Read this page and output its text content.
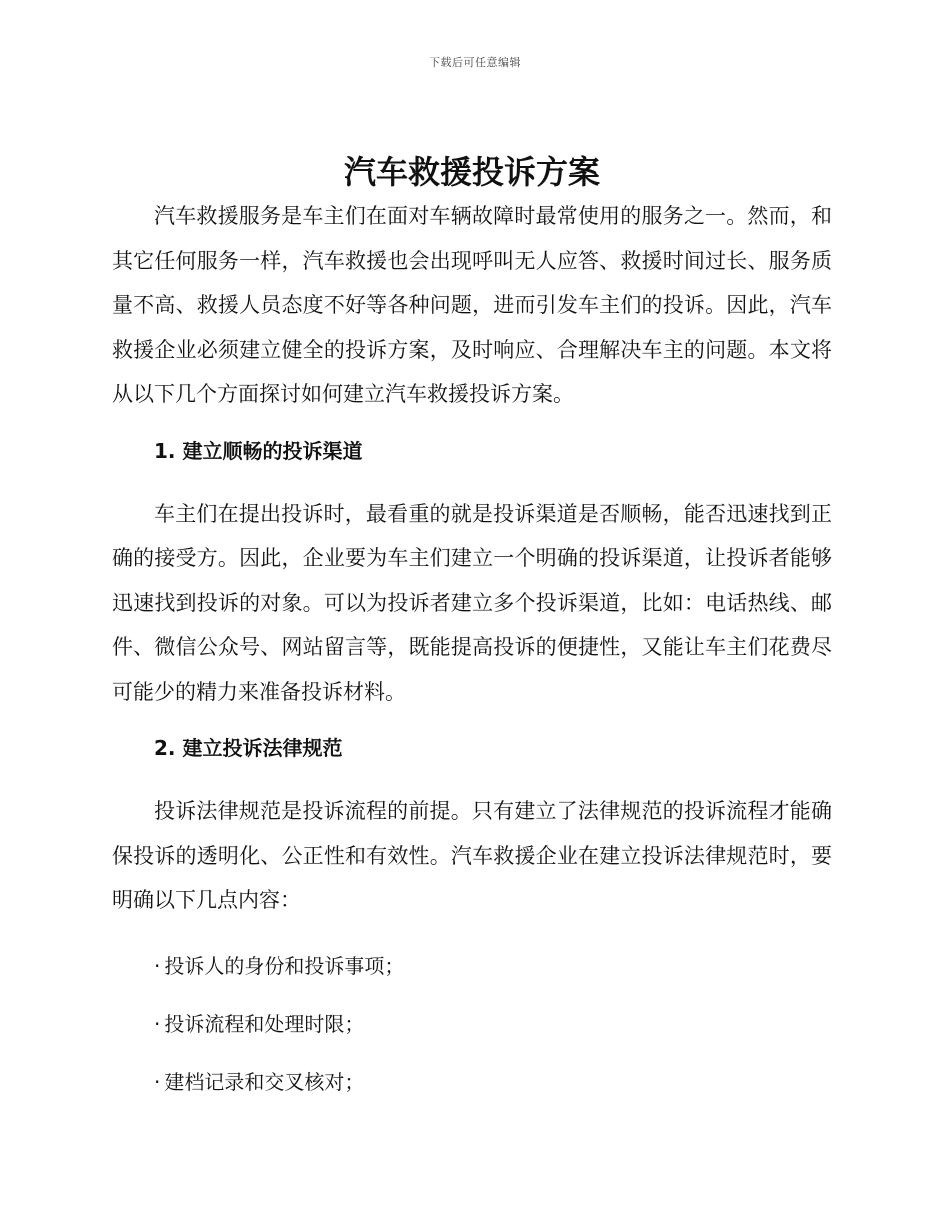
下载后可任意编辑
汽车救援投诉方案

汽车救援服务是车主们在面对车辆故障时最常使用的服务之一。然而，和其它任何服务一样，汽车救援也会出现呼叫无人应答、救援时间过长、服务质量不高、救援人员态度不好等各种问题，进而引发车主们的投诉。因此，汽车救援企业必须建立健全的投诉方案，及时响应、合理解决车主的问题。本文将从以下几个方面探讨如何建立汽车救援投诉方案。

1. 建立顺畅的投诉渠道

车主们在提出投诉时，最看重的就是投诉渠道是否顺畅，能否迅速找到正确的接受方。因此，企业要为车主们建立一个明确的投诉渠道，让投诉者能够迅速找到投诉的对象。可以为投诉者建立多个投诉渠道，比如：电话热线、邮件、微信公众号、网站留言等，既能提高投诉的便捷性，又能让车主们花费尽可能少的精力来准备投诉材料。

2. 建立投诉法律规范

投诉法律规范是投诉流程的前提。只有建立了法律规范的投诉流程才能确保投诉的透明化、公正性和有效性。汽车救援企业在建立投诉法律规范时，要明确以下几点内容：

· 投诉人的身份和投诉事项；
· 投诉流程和处理时限；
· 建档记录和交叉核对；
